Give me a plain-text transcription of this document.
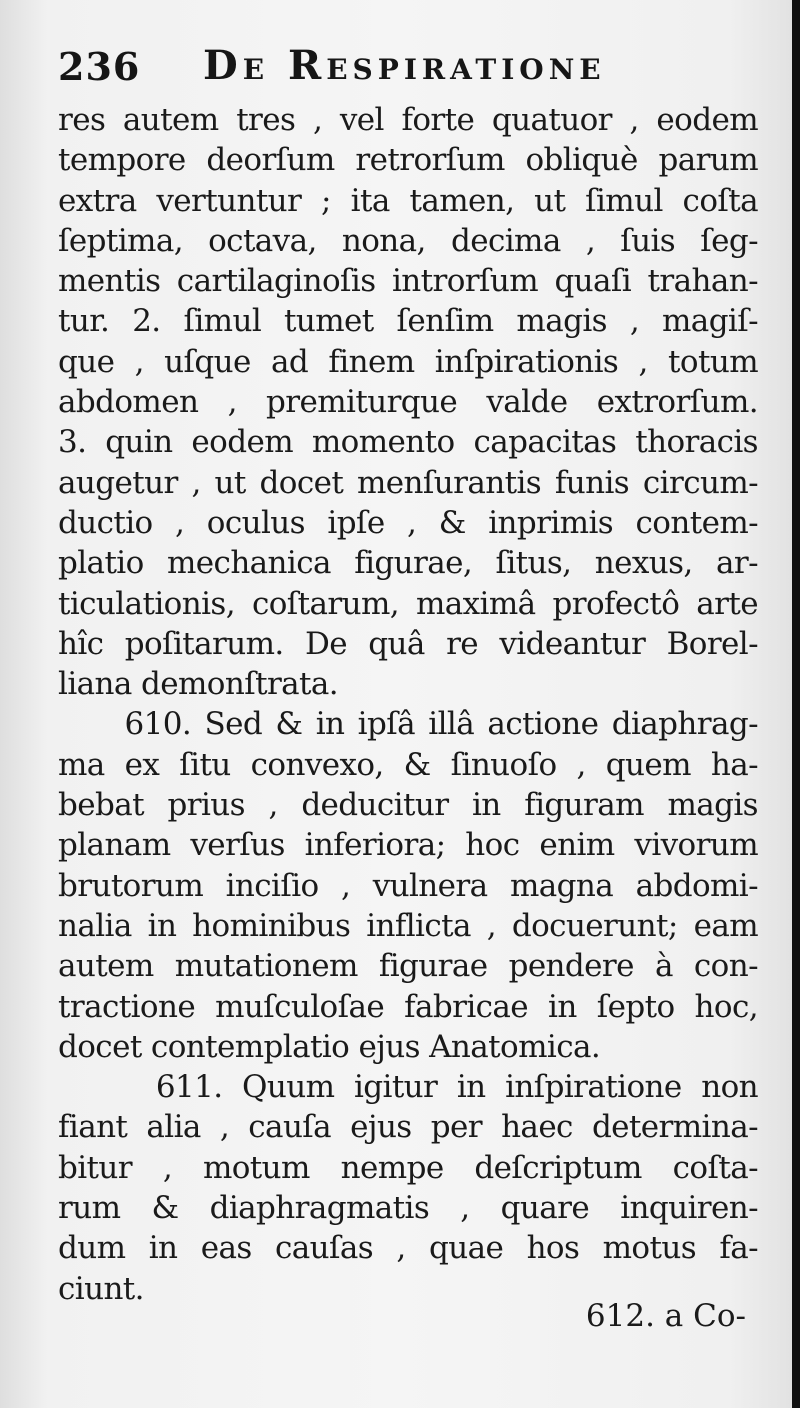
236 De Respiratione
res autem tres , vel forte quatuor , eodem
tempore deorſum retrorſum obliquè parum
extra vertuntur ; ita tamen, ut ſimul coſta
ſeptima, octava, nona, decima , ſuis ſeg-
mentis cartilaginoſis introrſum quaſi trahan-
tur. 2. ſimul tumet ſenſim magis , magiſ-
que , uſque ad finem inſpirationis , totum
abdomen , premiturque valde extrorſum.
3. quin eodem momento capacitas thoracis
augetur , ut docet menſurantis funis circum-
ductio , oculus ipſe , & inprimis contem-
platio mechanica figurae, ſitus, nexus, ar-
ticulationis, coſtarum, maximâ profectô arte
hîc poſitarum. De quâ re videantur Borel-
liana demonſtrata.
610. Sed & in ipſâ illâ actione diaphrag-
ma ex ſitu convexo, & ſinuoſo , quem ha-
bebat prius , deducitur in figuram magis
planam verſus inferiora; hoc enim vivorum
brutorum inciſio , vulnera magna abdomi-
nalia in hominibus inflicta , docuerunt; eam
autem mutationem figurae pendere à con-
tractione muſculoſae fabricae in ſepto hoc,
docet contemplatio ejus Anatomica.
611. Quum igitur in inſpiratione non
fiant alia , cauſa ejus per haec determina-
bitur , motum nempe deſcriptum coſta-
rum & diaphragmatis , quare inquiren-
dum in eas cauſas , quae hos motus fa-
ciunt.
612. a Co-
